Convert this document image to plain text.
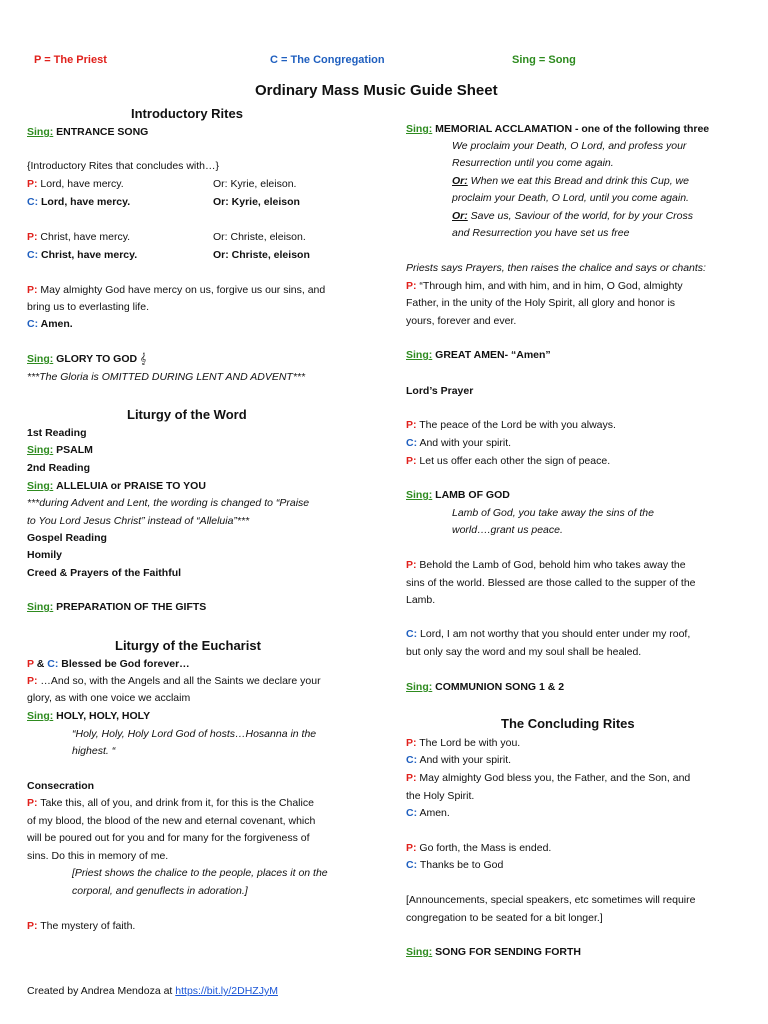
P = The Priest	C = The Congregation	Sing = Song
Ordinary Mass Music Guide Sheet
Introductory Rites
Sing: ENTRANCE SONG
{Introductory Rites that concludes with…}
P: Lord, have mercy.	Or: Kyrie, eleison.
C: Lord, have mercy.	Or: Kyrie, eleison
P: Christ, have mercy.	Or: Christe, eleison.
C: Christ, have mercy.	Or: Christe, eleison
P: May almighty God have mercy on us, forgive us our sins, and
bring us to everlasting life.
C: Amen.
Sing: GLORY TO GOD 𝄞
***The Gloria is OMITTED DURING LENT AND ADVENT***
Liturgy of the Word
1st Reading
Sing: PSALM
2nd Reading
Sing: ALLELUIA or PRAISE TO YOU
***during Advent and Lent, the wording is changed to “Praise
to You Lord Jesus Christ” instead of “Alleluia”***
Gospel Reading
Homily
Creed & Prayers of the Faithful
Sing: PREPARATION OF THE GIFTS
Liturgy of the Eucharist
P & C: Blessed be God forever…
P: …And so, with the Angels and all the Saints we declare your
glory, as with one voice we acclaim
Sing: HOLY, HOLY, HOLY
“Holy, Holy, Holy Lord God of hosts…Hosanna in the
highest. “
Consecration
P: Take this, all of you, and drink from it, for this is the Chalice
of my blood, the blood of the new and eternal covenant, which
will be poured out for you and for many for the forgiveness of
sins. Do this in memory of me.
[Priest shows the chalice to the people, places it on the
corporal, and genuflects in adoration.]
P: The mystery of faith.
Sing: MEMORIAL ACCLAMATION - one of the following three
We proclaim your Death, O Lord, and profess your
Resurrection until you come again.
Or: When we eat this Bread and drink this Cup, we
proclaim your Death, O Lord, until you come again.
Or: Save us, Saviour of the world, for by your Cross
and Resurrection you have set us free
Priests says Prayers, then raises the chalice and says or chants:
P: “Through him, and with him, and in him, O God, almighty
Father, in the unity of the Holy Spirit, all glory and honor is
yours, forever and ever.
Sing: GREAT AMEN- “Amen”
Lord’s Prayer
P: The peace of the Lord be with you always.
C: And with your spirit.
P: Let us offer each other the sign of peace.
Sing: LAMB OF GOD
Lamb of God, you take away the sins of the
world….grant us peace.
P: Behold the Lamb of God, behold him who takes away the
sins of the world. Blessed are those called to the supper of the
Lamb.
C: Lord, I am not worthy that you should enter under my roof,
but only say the word and my soul shall be healed.
Sing: COMMUNION SONG 1 & 2
The Concluding Rites
P: The Lord be with you.
C: And with your spirit.
P: May almighty God bless you, the Father, and the Son, and
the Holy Spirit.
C: Amen.
P: Go forth, the Mass is ended.
C: Thanks be to God
[Announcements, special speakers, etc sometimes will require
congregation to be seated for a bit longer.]
Sing: SONG FOR SENDING FORTH
Created by Andrea Mendoza at https://bit.ly/2DHZJyM
